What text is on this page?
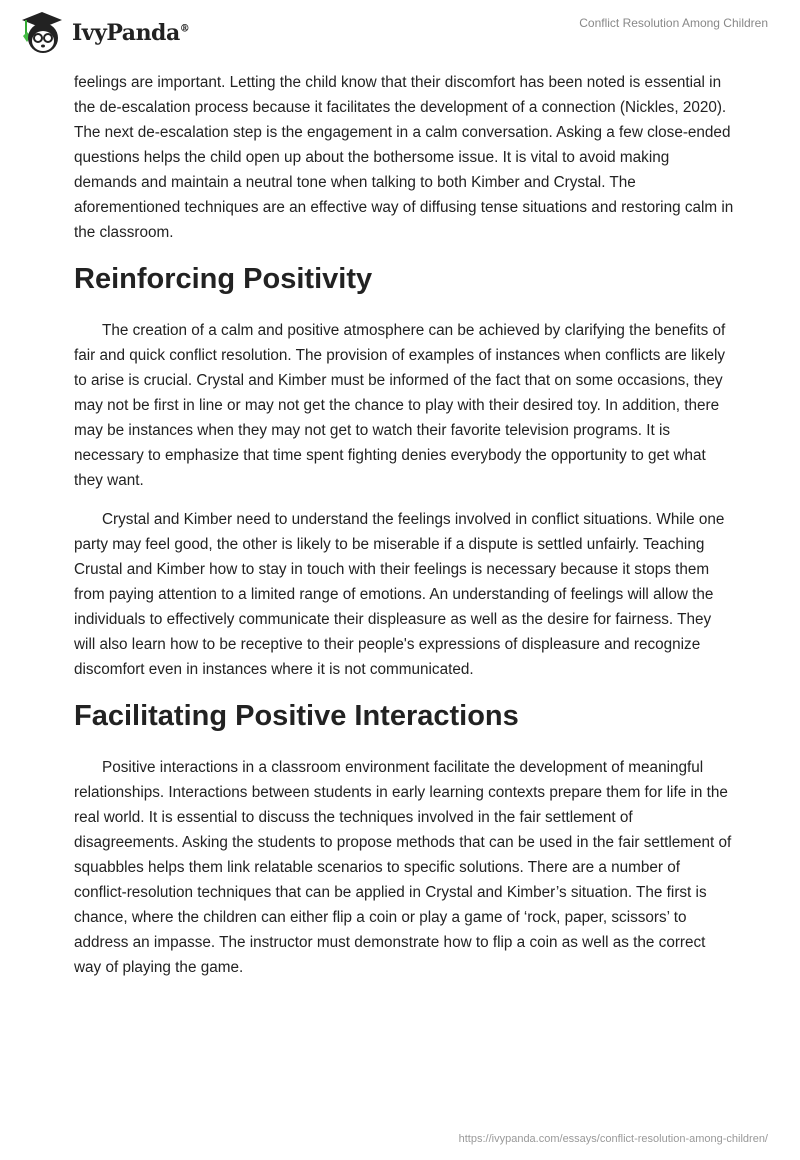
IvyPanda®	Conflict Resolution Among Children

feelings are important. Letting the child know that their discomfort has been noted is essential in the de-escalation process because it facilitates the development of a connection (Nickles, 2020). The next de-escalation step is the engagement in a calm conversation. Asking a few close-ended questions helps the child open up about the bothersome issue. It is vital to avoid making demands and maintain a neutral tone when talking to both Kimber and Crystal. The aforementioned techniques are an effective way of diffusing tense situations and restoring calm in the classroom.

Reinforcing Positivity

The creation of a calm and positive atmosphere can be achieved by clarifying the benefits of fair and quick conflict resolution. The provision of examples of instances when conflicts are likely to arise is crucial. Crystal and Kimber must be informed of the fact that on some occasions, they may not be first in line or may not get the chance to play with their desired toy. In addition, there may be instances when they may not get to watch their favorite television programs. It is necessary to emphasize that time spent fighting denies everybody the opportunity to get what they want.

Crystal and Kimber need to understand the feelings involved in conflict situations. While one party may feel good, the other is likely to be miserable if a dispute is settled unfairly. Teaching Crustal and Kimber how to stay in touch with their feelings is necessary because it stops them from paying attention to a limited range of emotions. An understanding of feelings will allow the individuals to effectively communicate their displeasure as well as the desire for fairness. They will also learn how to be receptive to their people's expressions of displeasure and recognize discomfort even in instances where it is not communicated.

Facilitating Positive Interactions

Positive interactions in a classroom environment facilitate the development of meaningful relationships. Interactions between students in early learning contexts prepare them for life in the real world. It is essential to discuss the techniques involved in the fair settlement of disagreements. Asking the students to propose methods that can be used in the fair settlement of squabbles helps them link relatable scenarios to specific solutions. There are a number of conflict-resolution techniques that can be applied in Crystal and Kimber’s situation. The first is chance, where the children can either flip a coin or play a game of ‘rock, paper, scissors’ to address an impasse. The instructor must demonstrate how to flip a coin as well as the correct way of playing the game.

https://ivypanda.com/essays/conflict-resolution-among-children/
